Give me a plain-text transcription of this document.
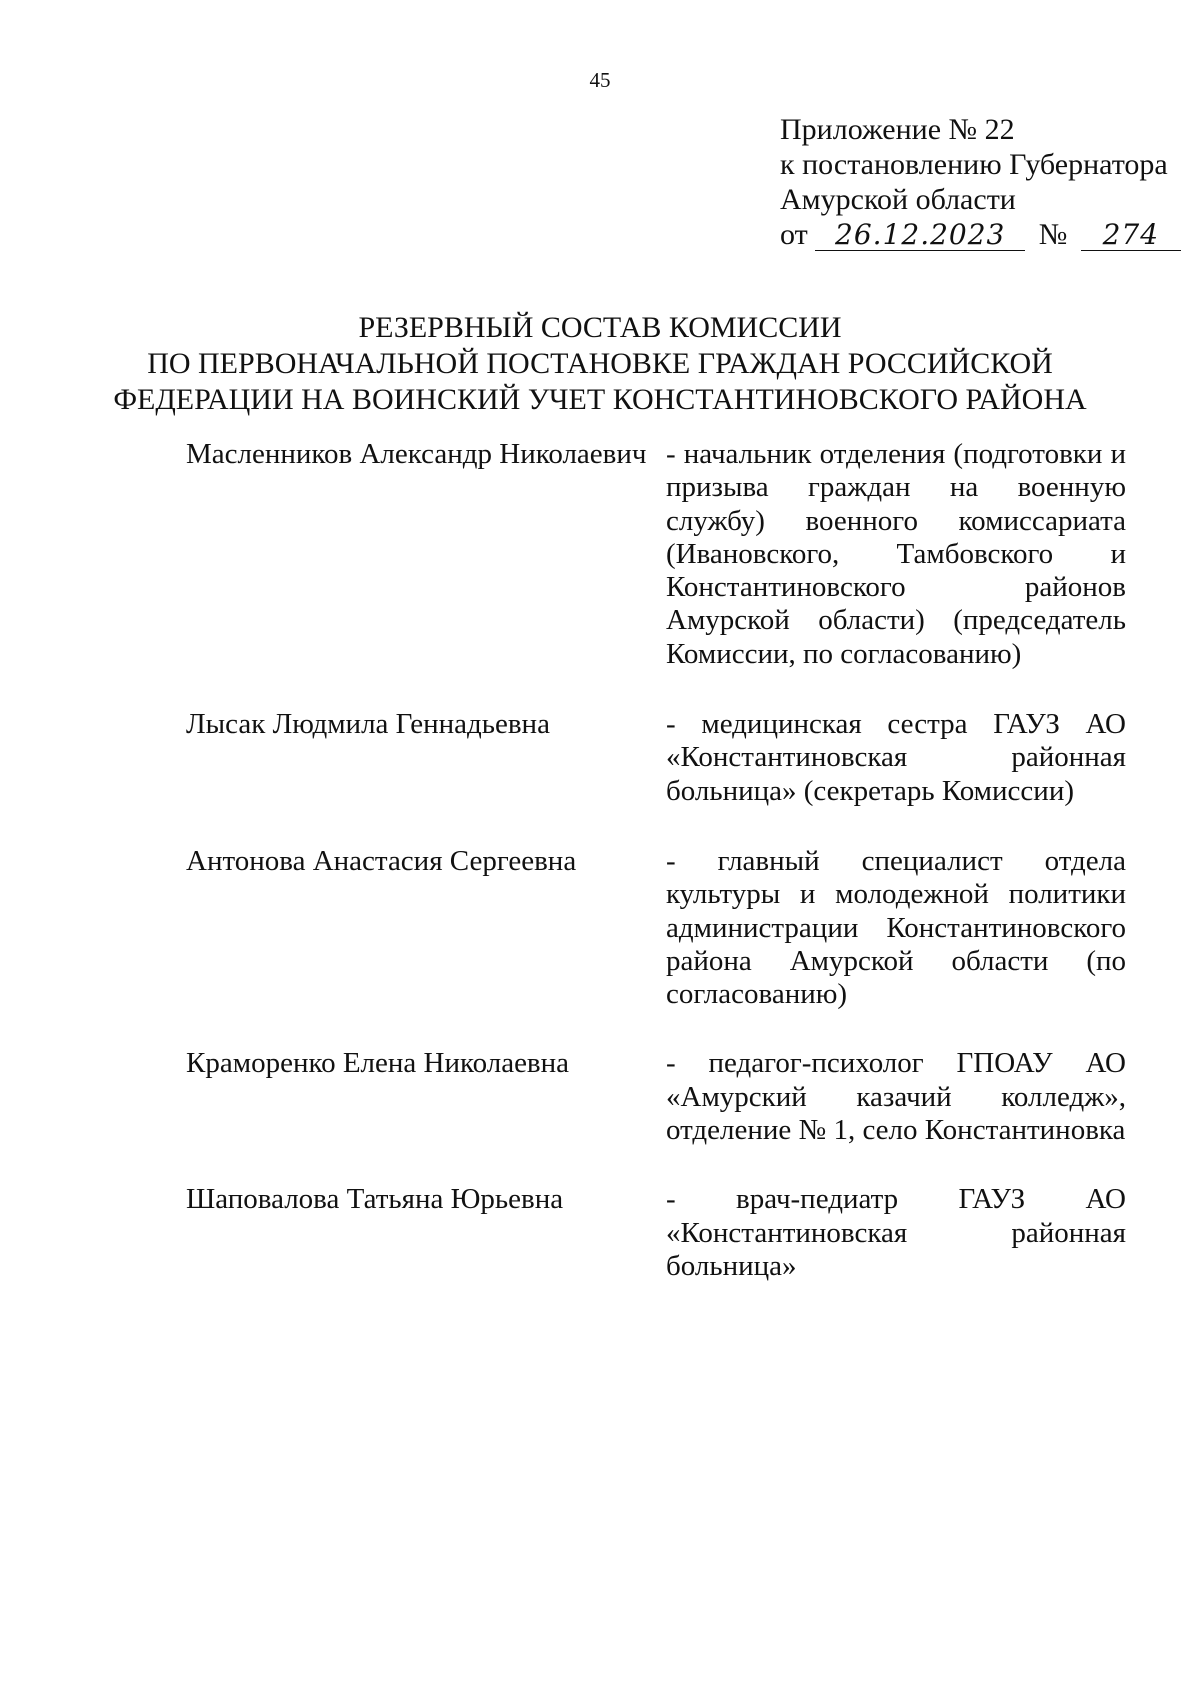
45
Приложение № 22
к постановлению Губернатора
Амурской области
от 26.12.2023 № 274
РЕЗЕРВНЫЙ СОСТАВ КОМИССИИ
ПО ПЕРВОНАЧАЛЬНОЙ ПОСТАНОВКЕ ГРАЖДАН РОССИЙСКОЙ
ФЕДЕРАЦИИ НА ВОИНСКИЙ УЧЕТ КОНСТАНТИНОВСКОГО РАЙОНА
Масленников Александр Николаевич - начальник отделения (подготовки и призыва граждан на военную службу) военного комиссариата (Ивановского, Тамбовского и Константиновского районов Амурской области) (председатель Комиссии, по согласованию)
Лысак Людмила Геннадьевна	- медицинская сестра ГАУЗ АО «Константиновская районная больница» (секретарь Комиссии)
Антонова Анастасия Сергеевна	- главный специалист отдела культуры и молодежной политики администрации Константиновского района Амурской области (по согласованию)
Краморенко Елена Николаевна	- педагог-психолог ГПОАУ АО «Амурский казачий колледж», отделение № 1, село Константиновка
Шаповалова Татьяна Юрьевна	- врач-педиатр ГАУЗ АО «Константиновская районная больница»
